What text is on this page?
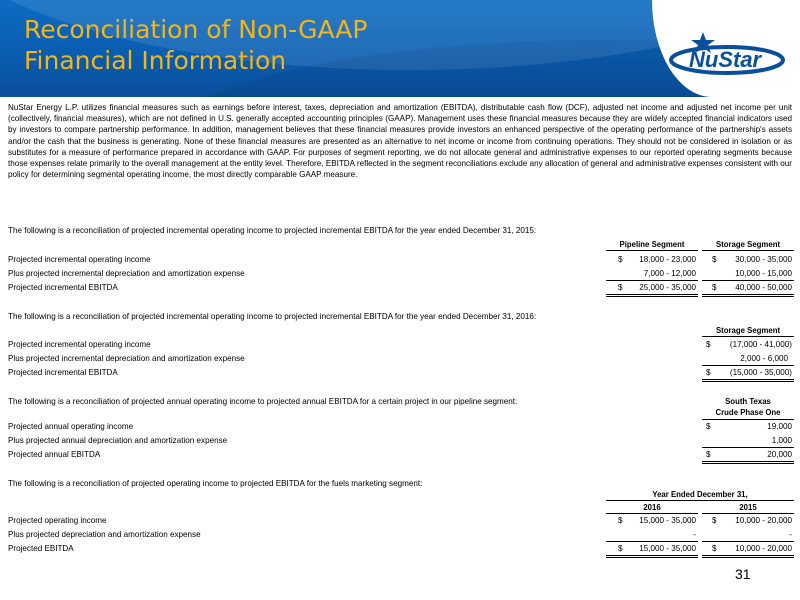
Reconciliation of Non-GAAP
Financial Information	NuStar
NuStar Energy L.P. utilizes financial measures such as earnings before interest, taxes, depreciation and amortization (EBITDA), distributable cash flow (DCF), adjusted net income and adjusted net income per unit (collectively, financial measures), which are not defined in U.S. generally accepted accounting principles (GAAP). Management uses these financial measures because they are widely accepted financial indicators used by investors to compare partnership performance. In addition, management believes that these financial measures provide investors an enhanced perspective of the operating performance of the partnership's assets and/or the cash that the business is generating. None of these financial measures are presented as an alternative to net income or income from continuing operations. They should not be considered in isolation or as substitutes for a measure of performance prepared in accordance with GAAP. For purposes of segment reporting, we do not allocate general and administrative expenses to our reported operating segments because those expenses relate primarily to the overall management at the entity level. Therefore, EBITDA reflected in the segment reconciliations exclude any allocation of general and administrative expenses consistent with our policy for determining segmental operating income, the most directly comparable GAAP measure.
The following is a reconciliation of projected incremental operating income to projected incremental EBITDA for the year ended December 31, 2015:
Pipeline Segment	Storage Segment
Projected incremental operating income	$	18,000 - 23,000 $	30,000 - 35,000
Plus projected incremental depreciation and amortization expense	7,000 - 12,000	10,000 - 15,000
Projected incremental EBITDA	$	25,000 - 35,000 $	40,000 - 50,000
The following is a reconciliation of projected incremental operating income to projected incremental EBITDA for the year ended December 31, 2016:
Storage Segment
Projected incremental operating income	$	(17,000 - 41,000)
Plus projected incremental depreciation and amortization expense	2,000 - 6,000
Projected incremental EBITDA	$	(15,000 - 35,000)
The following is a reconciliation of projected annual operating income to projected annual EBITDA for a certain project in our pipeline segment:	South Texas
Crude Phase One
Projected annual operating income	$	19,000
Plus projected annual depreciation and amortization expense	1,000
Projected annual EBITDA	$	20,000
The following is a reconciliation of projected operating income to projected EBITDA for the fuels marketing segment:
Year Ended December 31,
2016	2015
Projected operating income	$	15,000 - 35,000 $	10,000 - 20,000
Plus projected depreciation and amortization expense	-	-
Projected EBITDA	$	15,000 - 35,000 $	10,000 - 20,000
31
